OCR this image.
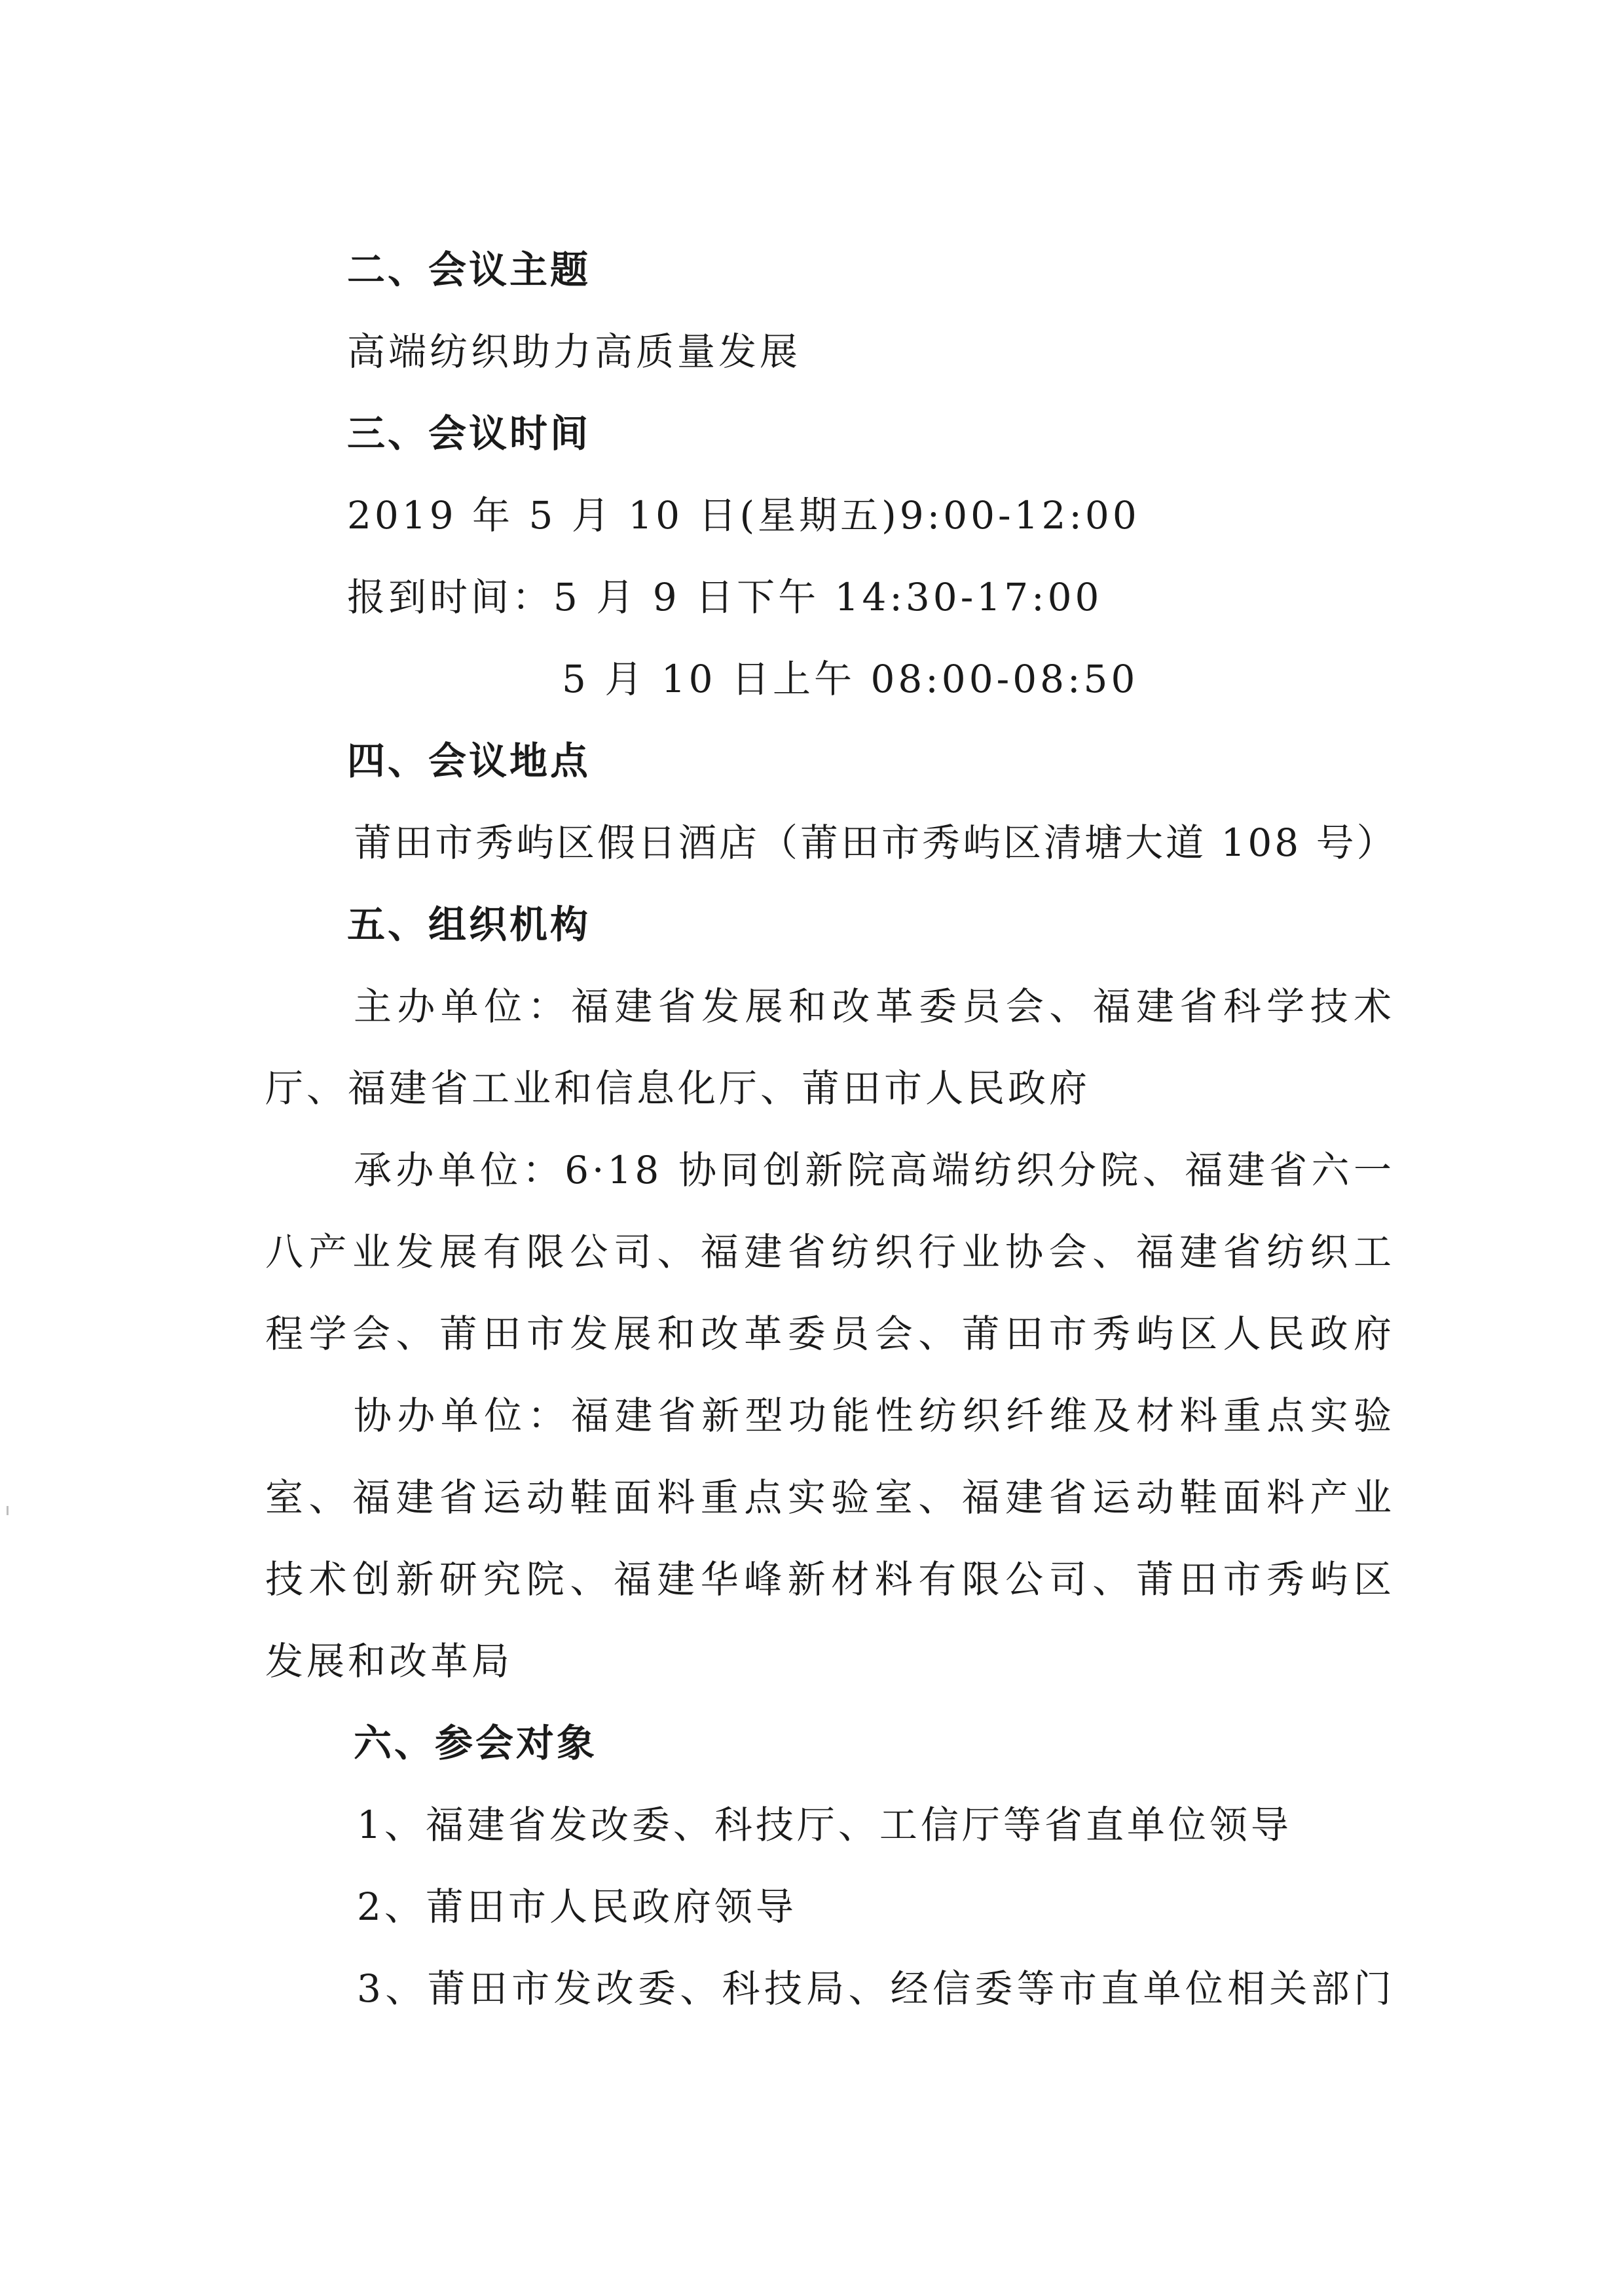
二、会议主题
高端纺织助力高质量发展
三、会议时间
2019 年 5 月 10 日(星期五)9:00-12:00
报到时间：5 月 9 日下午 14:30-17:00
5 月 10 日上午 08:00-08:50
四、会议地点
莆田市秀屿区假日酒店（莆田市秀屿区清塘大道 108 号）
五、组织机构
主办单位：福建省发展和改革委员会、福建省科学技术
厅、福建省工业和信息化厅、莆田市人民政府
承办单位：6·18 协同创新院高端纺织分院、福建省六一
八产业发展有限公司、福建省纺织行业协会、福建省纺织工
程学会、莆田市发展和改革委员会、莆田市秀屿区人民政府
协办单位：福建省新型功能性纺织纤维及材料重点实验
室、福建省运动鞋面料重点实验室、福建省运动鞋面料产业
技术创新研究院、福建华峰新材料有限公司、莆田市秀屿区
发展和改革局
六、参会对象
1、福建省发改委、科技厅、工信厅等省直单位领导
2、莆田市人民政府领导
3、莆田市发改委、科技局、经信委等市直单位相关部门
